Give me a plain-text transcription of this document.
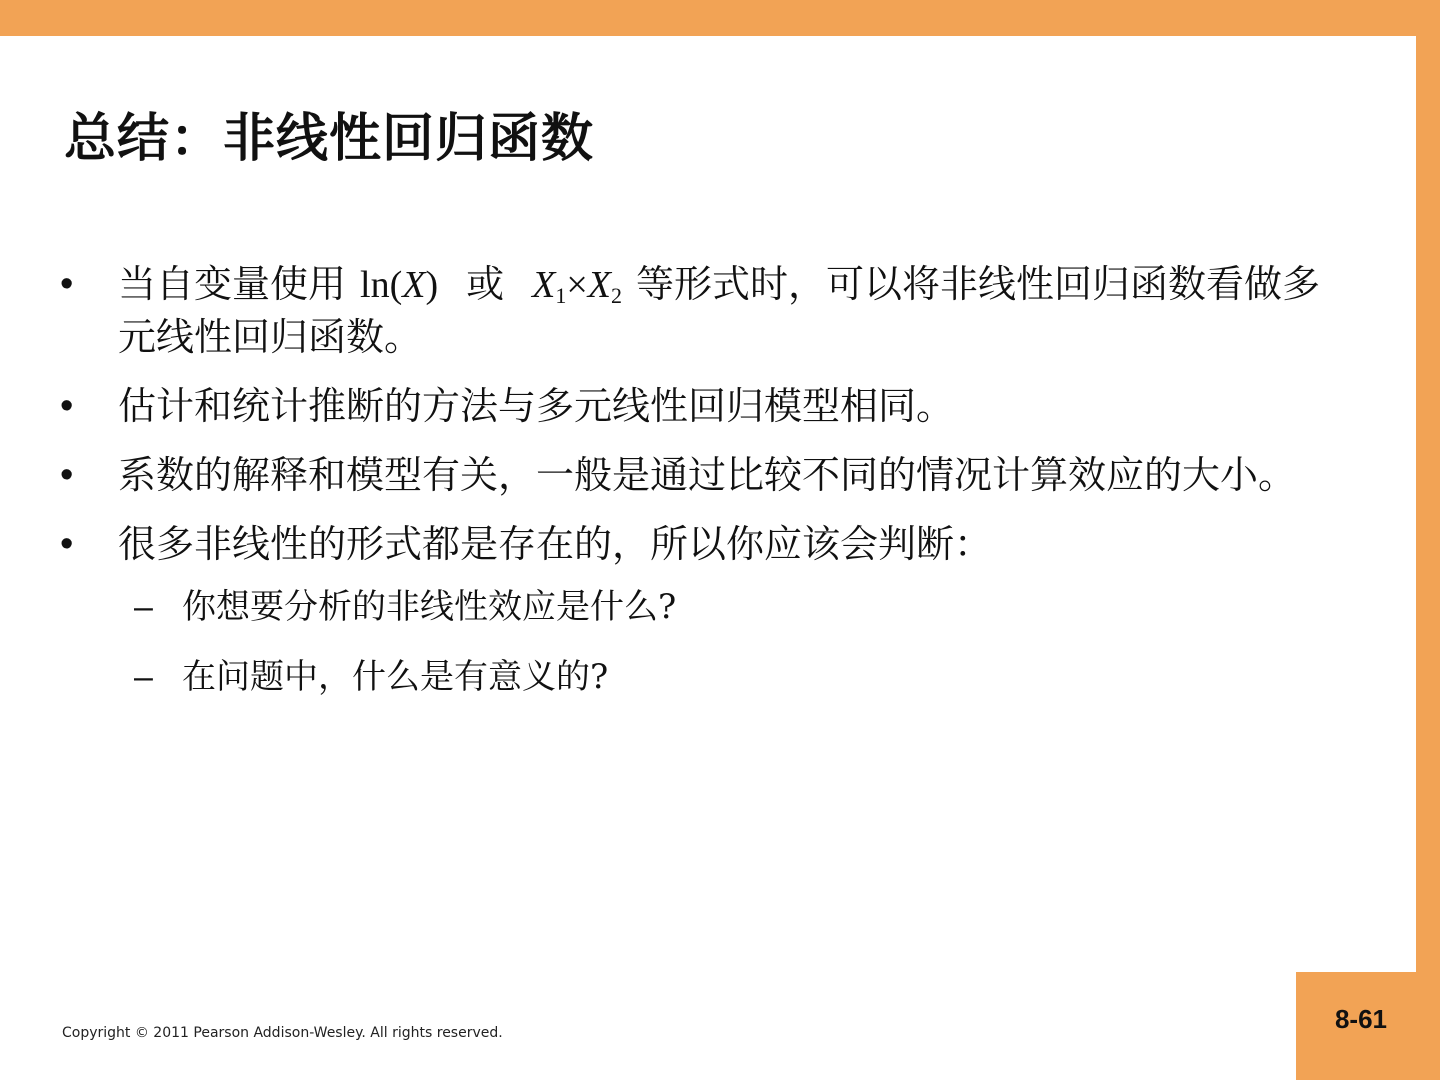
总结：非线性回归函数
• 当自变量使用 ln(X) 或 $X_1\times X_2$ 等形式时，可以将非线性回归函数看做多元线性回归函数。
• 估计和统计推断的方法与多元线性回归模型相同。
• 系数的解释和模型有关，一般是通过比较不同的情况计算效应的大小。
• 很多非线性的形式都是存在的，所以你应该会判断：
– 你想要分析的非线性效应是什么?
– 在问题中，什么是有意义的?
Copyright © 2011 Pearson Addison-Wesley. All rights reserved.	8-61
